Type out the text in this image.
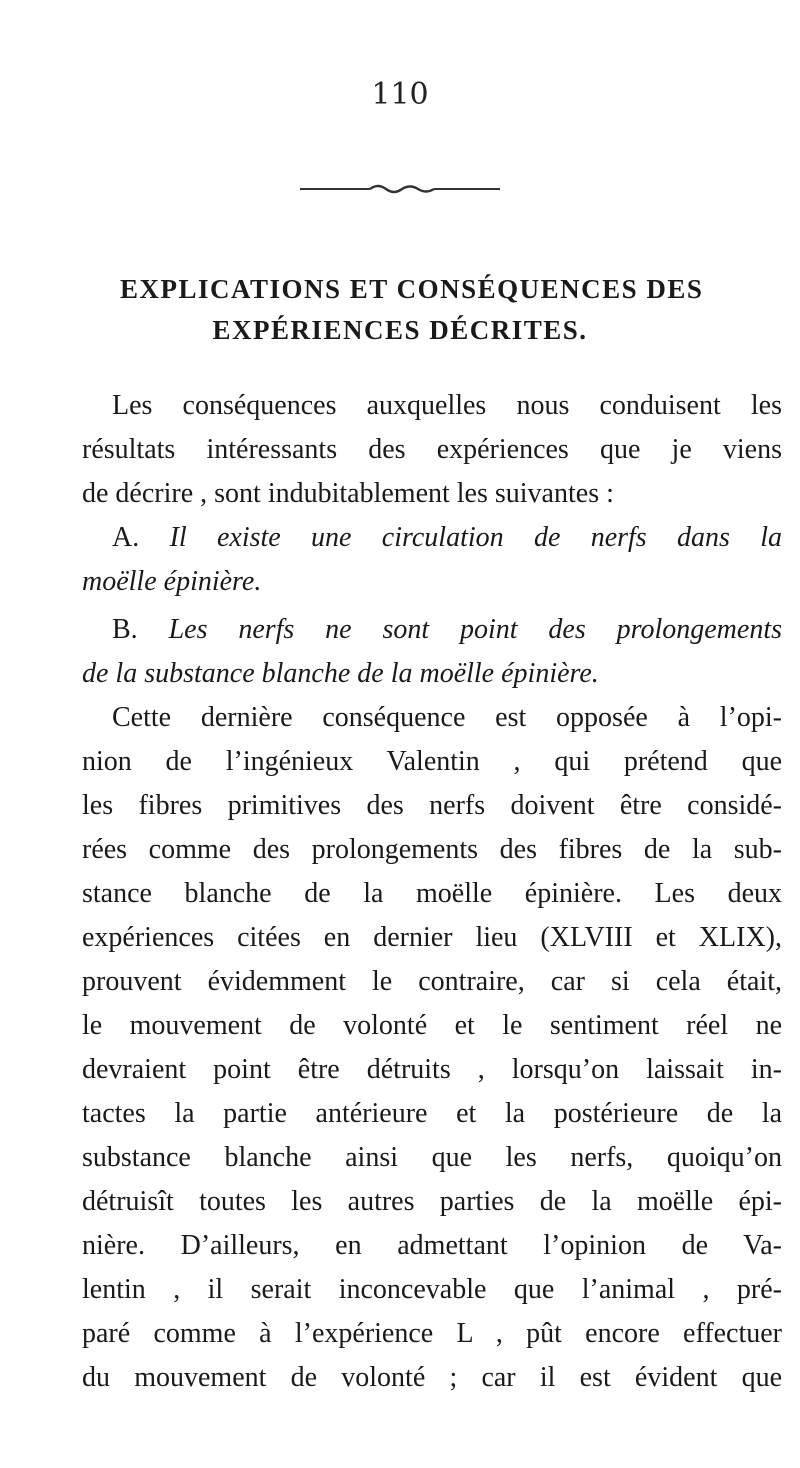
110
EXPLICATIONS ET CONSÉQUENCES DES
EXPÉRIENCES DÉCRITES.
Les conséquences auxquelles nous conduisent les
résultats intéressants des expériences que je viens
de décrire , sont indubitablement les suivantes :
A. Il existe une circulation de nerfs dans la
moëlle épinière.
B. Les nerfs ne sont point des prolongements
de la substance blanche de la moëlle épinière.
Cette dernière conséquence est opposée à l’opi-
nion de l’ingénieux Valentin , qui prétend que
les fibres primitives des nerfs doivent être considé-
rées comme des prolongements des fibres de la sub-
stance blanche de la moëlle épinière. Les deux
expériences citées en dernier lieu (XLVIII et XLIX),
prouvent évidemment le contraire, car si cela était,
le mouvement de volonté et le sentiment réel ne
devraient point être détruits , lorsqu’on laissait in-
tactes la partie antérieure et la postérieure de la
substance blanche ainsi que les nerfs, quoiqu’on
détruisît toutes les autres parties de la moëlle épi-
nière. D’ailleurs, en admettant l’opinion de Va-
lentin , il serait inconcevable que l’animal , pré-
paré comme à l’expérience L , pût encore effectuer
du mouvement de volonté ; car il est évident que
